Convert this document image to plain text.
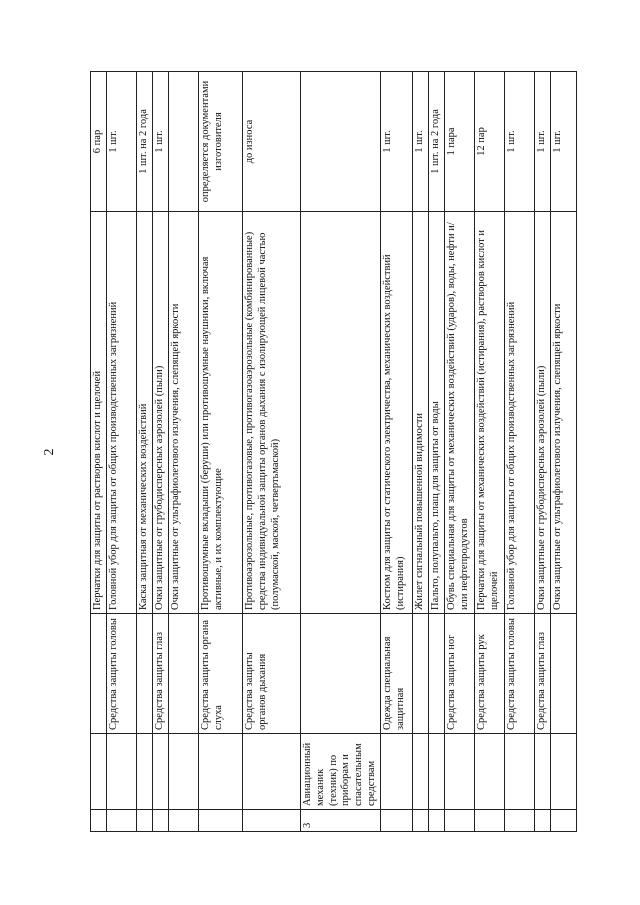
2
				Перчатки для защиты от растворов кислот и щелочей	6 пар
		Средства защиты головы	Головной убор для защиты от общих производственных загрязнений	1 шт.
			Каска защитная от механических воздействий	1 шт. на 2 года
		Средства защиты глаз	Очки защитные от грубодисперсных аэрозолей (пыли)	1 шт.
			Очки защитные от ультрафиолетового излучения, слепящей яркости	
		Средства защиты органа слуха	Противошумные вкладыши (беруши) или противошумные наушники, включая активные, и их комплектующие	определяется документами изготовителя
		Средства защиты органов дыхания	Противоаэрозольные, противогазовые, противогазоаэрозольные (комбинированные) средства индивидуальной защиты органов дыхания с изолирующей лицевой частью (полумаской, маской, четвертьмаской)	до износа
3	Авиационный механик (техник) по приборам и спасательным средствам			
		Одежда специальная защитная	Костюм для защиты от статического электричества, механических воздействий (истирания)	1 шт.
			Жилет сигнальный повышенной видимости	1 шт.
			Пальто, полупальто, плащ для защиты от воды	1 шт. на 2 года
		Средства защиты ног	Обувь специальная для защиты от механических воздействий (ударов), воды, нефти и/или нефтепродуктов	1 пара
		Средства защиты рук	Перчатки для защиты от механических воздействий (истирания), растворов кислот и щелочей	12 пар
		Средства защиты головы	Головной убор для защиты от общих производственных загрязнений	1 шт.
		Средства защиты глаз	Очки защитные от грубодисперсных аэрозолей (пыли)	1 шт.
			Очки защитные от ультрафиолетового излучения, слепящей яркости	1 шт.
